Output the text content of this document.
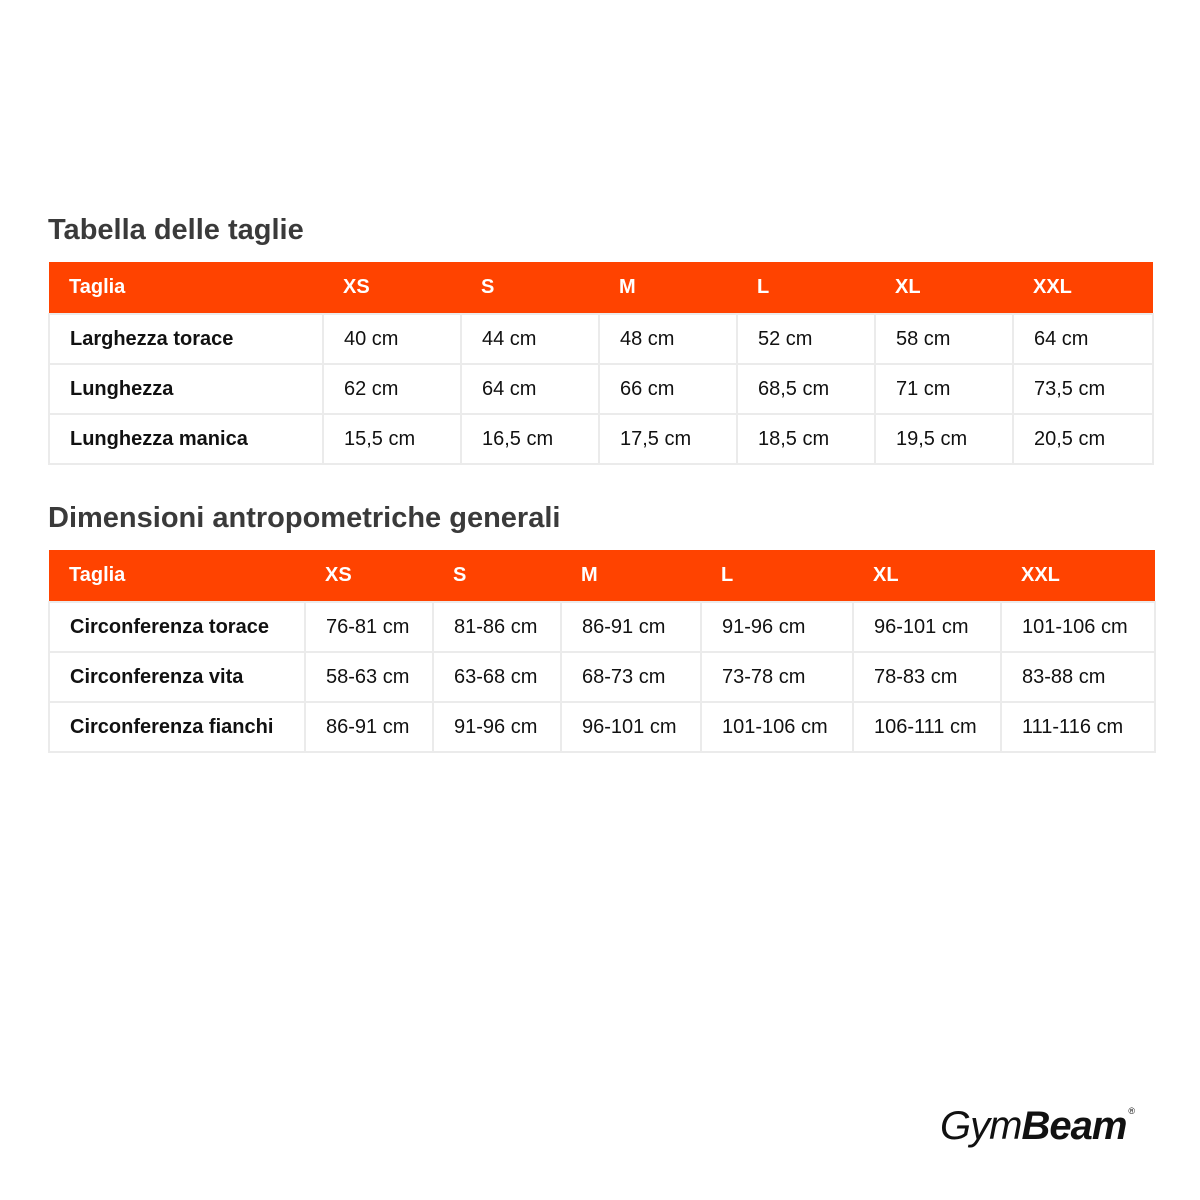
Tabella delle taglie
Taglia	XS	S	M	L	XL	XXL
Larghezza torace	40 cm	44 cm	48 cm	52 cm	58 cm	64 cm
Lunghezza	62 cm	64 cm	66 cm	68,5 cm	71 cm	73,5 cm
Lunghezza manica	15,5 cm	16,5 cm	17,5 cm	18,5 cm	19,5 cm	20,5 cm
Dimensioni antropometriche generali
Taglia	XS	S	M	L	XL	XXL
Circonferenza torace	76-81 cm	81-86 cm	86-91 cm	91-96 cm	96-101 cm	101-106 cm
Circonferenza vita	58-63 cm	63-68 cm	68-73 cm	73-78 cm	78-83 cm	83-88 cm
Circonferenza fianchi	86-91 cm	91-96 cm	96-101 cm	101-106 cm	106-111 cm	111-116 cm
GymBeam ®
